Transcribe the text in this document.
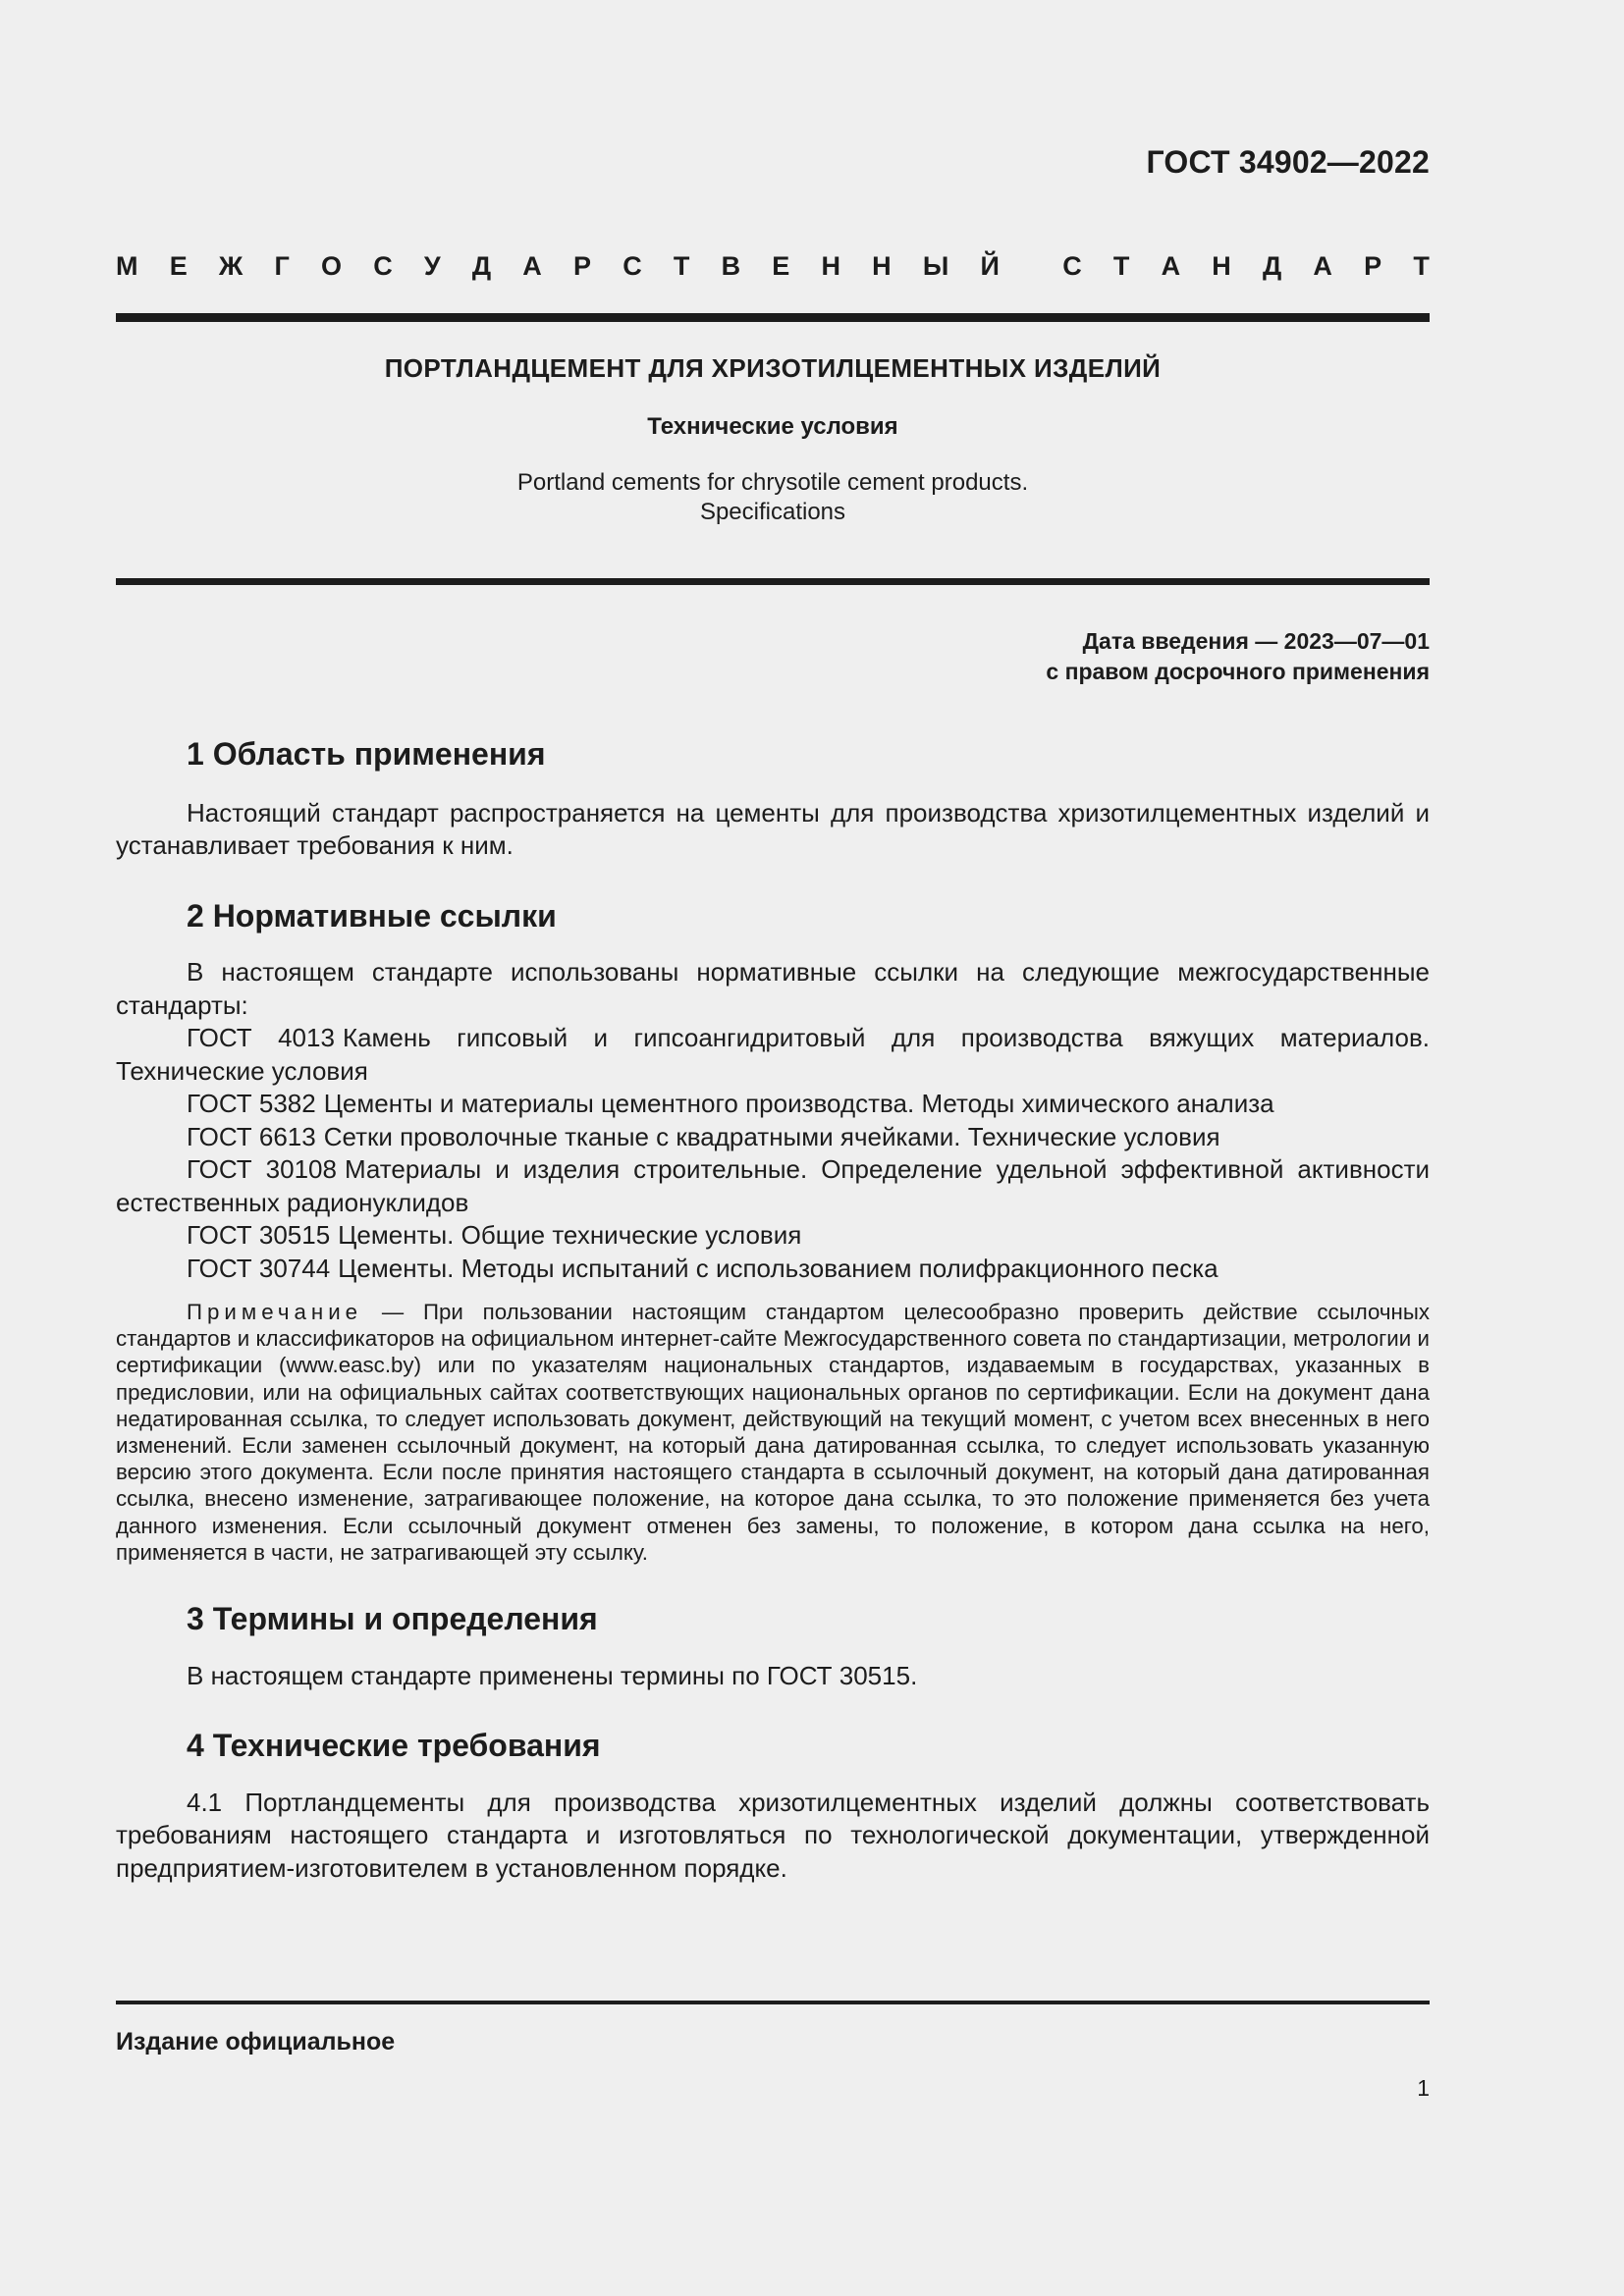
ГОСТ 34902—2022
М Е Ж Г О С У Д А Р С Т В Е Н Н Ы Й С Т А Н Д А Р Т
ПОРТЛАНДЦЕМЕНТ ДЛЯ ХРИЗОТИЛЦЕМЕНТНЫХ ИЗДЕЛИЙ
Технические условия
Portland cements for chrysotile cement products.
Specifications
Дата введения — 2023—07—01
с правом досрочного применения
1 Область применения

Настоящий стандарт распространяется на цементы для производства хризотилцементных изделий и устанавливает требования к ним.

2 Нормативные ссылки

В настоящем стандарте использованы нормативные ссылки на следующие межгосударственные стандарты:

ГОСТ 4013 Камень гипсовый и гипсоангидритовый для производства вяжущих материалов. Технические условия
ГОСТ 5382 Цементы и материалы цементного производства. Методы химического анализа
ГОСТ 6613 Сетки проволочные тканые с квадратными ячейками. Технические условия
ГОСТ 30108 Материалы и изделия строительные. Определение удельной эффективной активности естественных радионуклидов
ГОСТ 30515 Цементы. Общие технические условия
ГОСТ 30744 Цементы. Методы испытаний с использованием полифракционного песка
Примечание — При пользовании настоящим стандартом целесообразно проверить действие ссылочных стандартов и классификаторов на официальном интернет-сайте Межгосударственного совета по стандартизации, метрологии и сертификации (www.easc.by) или по указателям национальных стандартов, издаваемым в государствах, указанных в предисловии, или на официальных сайтах соответствующих национальных органов по сертификации. Если на документ дана недатированная ссылка, то следует использовать документ, действующий на текущий момент, с учетом всех внесенных в него изменений. Если заменен ссылочный документ, на который дана датированная ссылка, то следует использовать указанную версию этого документа. Если после принятия настоящего стандарта в ссылочный документ, на который дана датированная ссылка, внесено изменение, затрагивающее положение, на которое дана ссылка, то это положение применяется без учета данного изменения. Если ссылочный документ отменен без замены, то положение, в котором дана ссылка на него, применяется в части, не затрагивающей эту ссылку.
3 Термины и определения

В настоящем стандарте применены термины по ГОСТ 30515.

4 Технические требования

4.1 Портландцементы для производства хризотилцементных изделий должны соответствовать требованиям настоящего стандарта и изготовляться по технологической документации, утвержденной предприятием-изготовителем в установленном порядке.

Издание официальное
1
